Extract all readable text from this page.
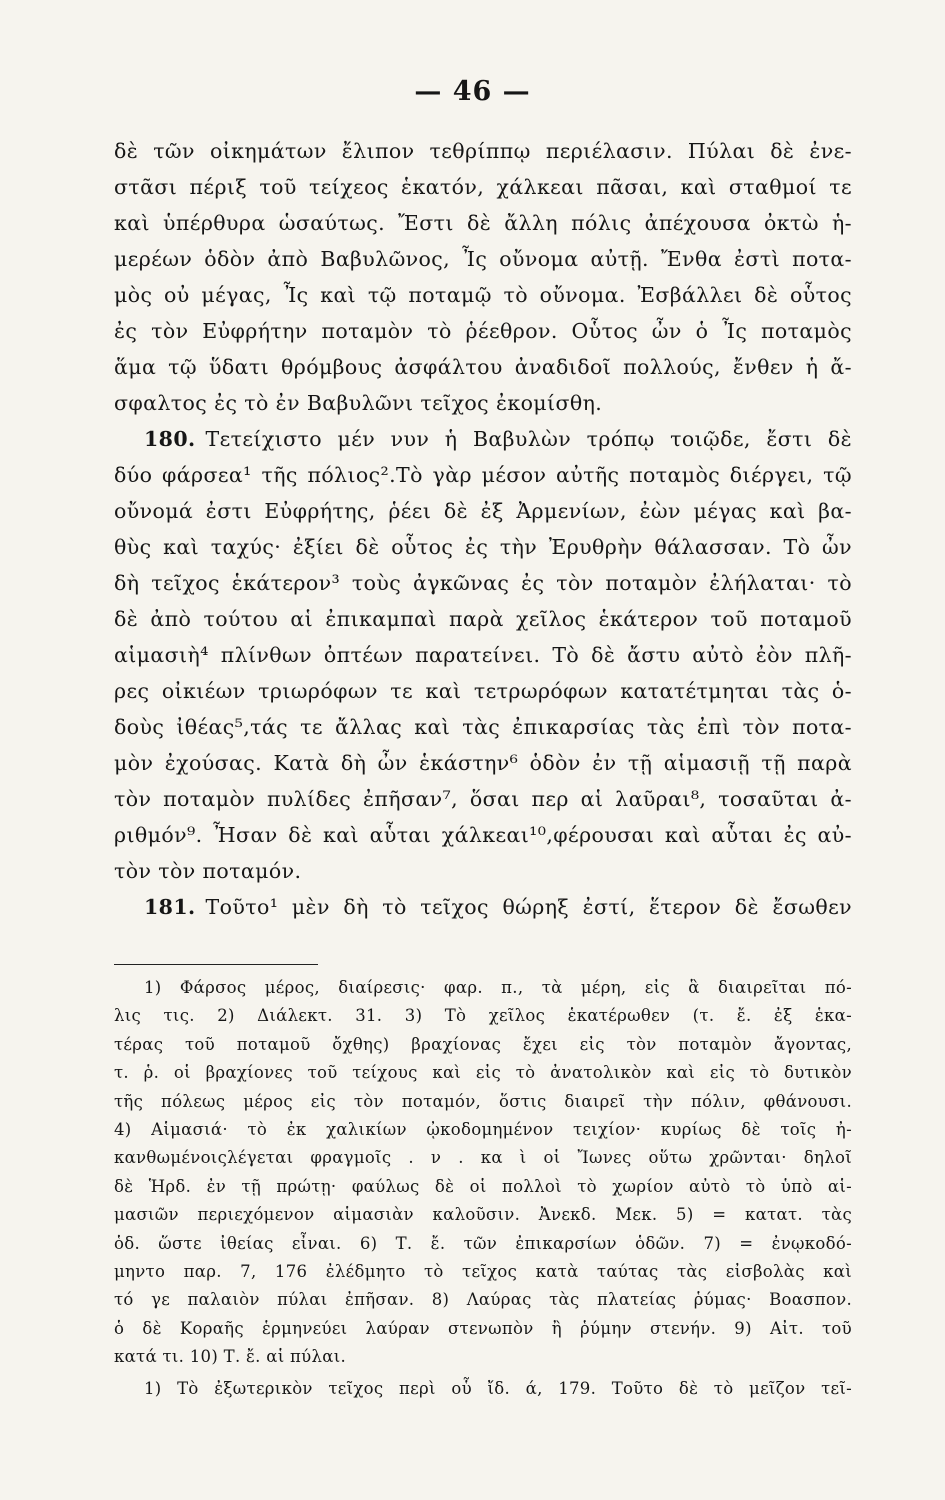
— 46 —
δὲ τῶν οἰκημάτων ἔλιπον τεθρίππῳ περιέλασιν. Πύλαι δὲ ἐνε-
στᾶσι πέριξ τοῦ τείχεος ἑκατόν, χάλκεαι πᾶσαι, καὶ σταθμοί τε
καὶ ὑπέρθυρα ὡσαύτως. Ἔστι δὲ ἄλλη πόλις ἀπέχουσα ὀκτὼ ἡ-
μερέων ὁδὸν ἀπὸ Βαβυλῶνος, Ἶς οὔνομα αὐτῇ. Ἔνθα ἐστὶ ποτα-
μὸς οὐ μέγας, Ἶς καὶ τῷ ποταμῷ τὸ οὔνομα. Ἐσβάλλει δὲ οὗτος
ἐς τὸν Εὐφρήτην ποταμὸν τὸ ῥέεθρον. Οὗτος ὦν ὁ Ἶς ποταμὸς
ἅμα τῷ ὕδατι θρόμβους ἀσφάλτου ἀναδιδοῖ πολλούς, ἔνθεν ἡ ἄ-
σφαλτος ἐς τὸ ἐν Βαβυλῶνι τεῖχος ἐκομίσθη.
180. Τετείχιστο μέν νυν ἡ Βαβυλὼν τρόπῳ τοιῷδε, ἔστι δὲ
δύο φάρσεα¹ τῆς πόλιος².Τὸ γὰρ μέσον αὐτῆς ποταμὸς διέργει, τῷ
οὔνομά ἐστι Εὐφρήτης, ῥέει δὲ ἐξ Ἀρμενίων, ἐὼν μέγας καὶ βα-
θὺς καὶ ταχύς· ἐξίει δὲ οὗτος ἐς τὴν Ἐρυθρὴν θάλασσαν. Τὸ ὦν
δὴ τεῖχος ἑκάτερον³ τοὺς ἀγκῶνας ἐς τὸν ποταμὸν ἐλήλαται· τὸ
δὲ ἀπὸ τούτου αἱ ἐπικαμπαὶ παρὰ χεῖλος ἑκάτερον τοῦ ποταμοῦ
αἱμασιὴ⁴ πλίνθων ὀπτέων παρατείνει. Τὸ δὲ ἄστυ αὐτὸ ἐὸν πλῆ-
ρες οἰκιέων τριωρόφων τε καὶ τετρωρόφων κατατέτμηται τὰς ὁ-
δοὺς ἰθέας⁵,τάς τε ἄλλας καὶ τὰς ἐπικαρσίας τὰς ἐπὶ τὸν ποτα-
μὸν ἐχούσας. Κατὰ δὴ ὦν ἑκάστην⁶ ὁδὸν ἐν τῇ αἱμασιῇ τῇ παρὰ
τὸν ποταμὸν πυλίδες ἐπῆσαν⁷, ὅσαι περ αἱ λαῦραι⁸, τοσαῦται ἀ-
ριθμόν⁹. Ἦσαν δὲ καὶ αὗται χάλκεαι¹⁰,φέρουσαι καὶ αὗται ἐς αὐ-
τὸν τὸν ποταμόν.
181. Τοῦτο¹ μὲν δὴ τὸ τεῖχος θώρηξ ἐστί, ἕτερον δὲ ἔσωθεν
1) Φάρσος μέρος, διαίρεσις· φαρ. π., τὰ μέρη, εἰς ἃ διαιρεῖται πό-
λις τις. 2) Διάλεκτ. 31. 3) Τὸ χεῖλος ἑκατέρωθεν (τ. ἔ. ἐξ ἑκα-
τέρας τοῦ ποταμοῦ ὄχθης) βραχίονας ἔχει εἰς τὸν ποταμὸν ἄγοντας,
τ. ῥ. οἱ βραχίονες τοῦ τείχους καὶ εἰς τὸ ἀνατολικὸν καὶ εἰς τὸ δυτικὸν
τῆς πόλεως μέρος εἰς τὸν ποταμόν, ὅστις διαιρεῖ τὴν πόλιν, φθάνουσι.
4) Αἱμασιά· τὸ ἐκ χαλικίων ᾠκοδομημένον τειχίον· κυρίως δὲ τοῖς ἠ-
κανθωμένοιςλέγεται φραγμοῖς . ν . κα ὶ οἱ Ἴωνες οὕτω χρῶνται· δηλοῖ
δὲ Ἡρδ. ἐν τῇ πρώτῃ· φαύλως δὲ οἱ πολλοὶ τὸ χωρίον αὐτὸ τὸ ὑπὸ αἱ-
μασιῶν περιεχόμενον αἱμασιὰν καλοῦσιν. Ἀνεκδ. Μεκ. 5) = κατατ. τὰς
ὁδ. ὥστε ἰθείας εἶναι. 6) Τ. ἔ. τῶν ἐπικαρσίων ὁδῶν. 7) = ἐνῳκοδό-
μηντο παρ. 7, 176 ἐλέδμητο τὸ τεῖχος κατὰ ταύτας τὰς εἰσβολὰς καὶ
τό γε παλαιὸν πύλαι ἐπῆσαν. 8) Λαύρας τὰς πλατείας ῥύμας· Βοασπον.
ὁ δὲ Κοραῆς ἑρμηνεύει λαύραν στενωπὸν ἢ ῥύμην στενήν. 9) Αἰτ. τοῦ
κατά τι. 10) Τ. ἔ. αἱ πύλαι.
1) Τὸ ἐξωτερικὸν τεῖχος περὶ οὗ ἴδ. ά, 179. Τοῦτο δὲ τὸ μεῖζον τεῖ-
